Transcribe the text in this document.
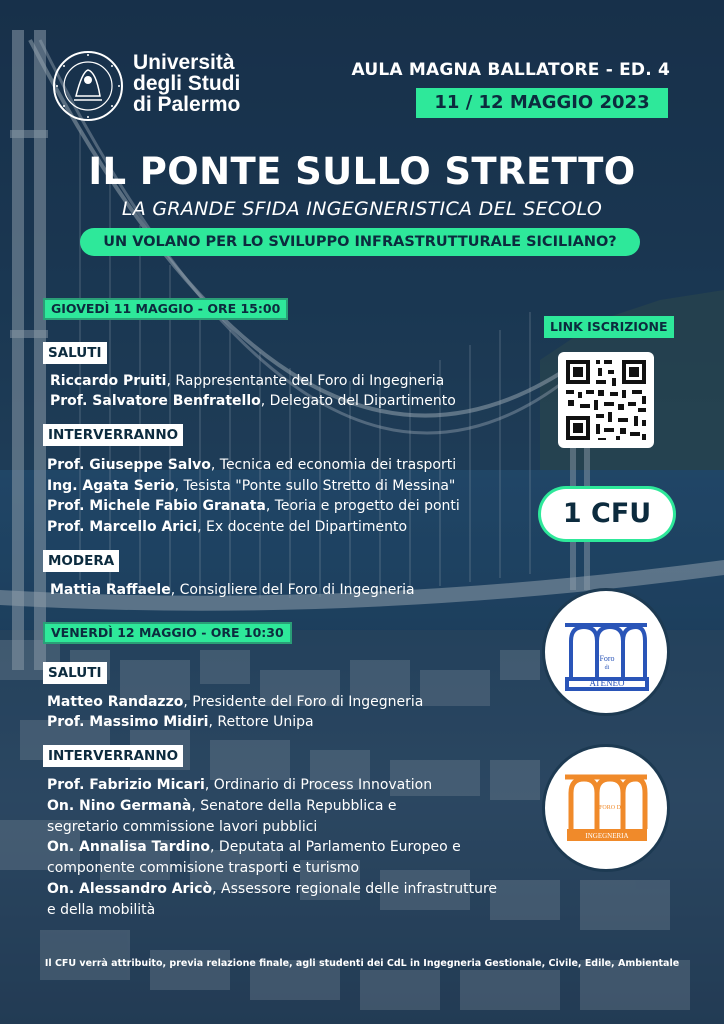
Università
degli Studi
di Palermo
AULA MAGNA BALLATORE - ED. 4
11 / 12 MAGGIO 2023
IL PONTE SULLO STRETTO
LA GRANDE SFIDA INGEGNERISTICA DEL SECOLO
UN VOLANO PER LO SVILUPPO INFRASTRUTTURALE SICILIANO?
GIOVEDÌ 11 MAGGIO - ORE 15:00
SALUTI
Riccardo Pruiti, Rappresentante del Foro di Ingegneria
Prof. Salvatore Benfratello, Delegato del Dipartimento
INTERVERRANNO
Prof. Giuseppe Salvo, Tecnica ed economia dei trasporti
Ing. Agata Serio, Tesista "Ponte sullo Stretto di Messina"
Prof. Michele Fabio Granata, Teoria e progetto dei ponti
Prof. Marcello Arici, Ex docente del Dipartimento
MODERA
Mattia Raffaele, Consigliere del Foro di Ingegneria
VENERDÌ 12 MAGGIO - ORE 10:30
SALUTI
Matteo Randazzo, Presidente del Foro di Ingegneria
Prof. Massimo Midiri, Rettore Unipa
INTERVERRANNO
Prof. Fabrizio Micari, Ordinario di Process Innovation
On. Nino Germanà, Senatore della Repubblica e
segretario commissione lavori pubblici
On. Annalisa Tardino, Deputata al Parlamento Europeo e
componente commisione trasporti e turismo
On. Alessandro Aricò, Assessore regionale delle infrastrutture
e della mobilità
LINK ISCRIZIONE
1 CFU
Foro
di
ATENEO
FORO DI
INGEGNERIA
Il CFU verrà attribuito, previa relazione finale, agli studenti dei CdL in Ingegneria Gestionale, Civile, Edile, Ambientale
